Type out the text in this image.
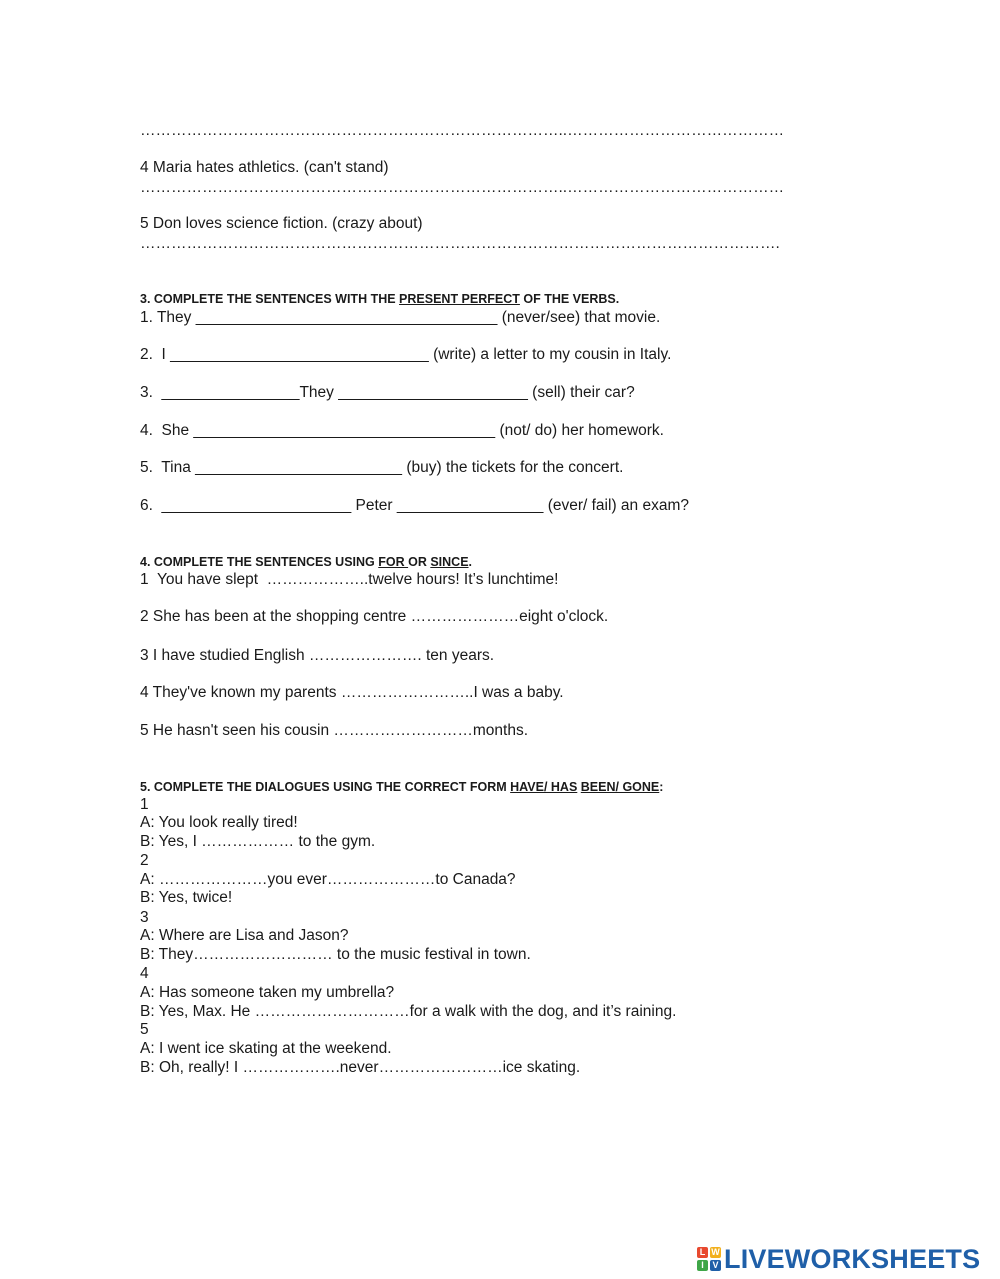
………………………………………………………………………..……………………………………
4 Maria hates athletics. (can't stand)
………………………………………………………………………..……………………………………
5 Don loves science fiction. (crazy about)
…………………………………………………………………………………………………………….
3. COMPLETE THE SENTENCES WITH THE PRESENT PERFECT OF THE VERBS.
1. They ___________________________________ (never/see) that movie.
2.  I ______________________________ (write) a letter to my cousin in Italy.
3.  ________________They ______________________ (sell) their car?
4.  She ___________________________________ (not/ do) her homework.
5.  Tina ________________________ (buy) the tickets for the concert.
6.  ______________________ Peter _________________ (ever/ fail) an exam?
4. COMPLETE THE SENTENCES USING FOR OR SINCE.
1  You have slept  ………………..twelve hours! It’s lunchtime!
2 She has been at the shopping centre …………………eight o'clock.
3 I have studied English …………………. ten years.
4 They've known my parents ……………………..I was a baby.
5 He hasn't seen his cousin ………………………months.
5. COMPLETE THE DIALOGUES USING THE CORRECT FORM HAVE/ HAS BEEN/ GONE:
1
A: You look really tired!
B: Yes, I ……………… to the gym.
2
A: …………………you ever…………………to Canada?
B: Yes, twice!
3
A: Where are Lisa and Jason?
B: They……………………… to the music festival in town.
4
A: Has someone taken my umbrella?
B: Yes, Max. He …………………………for a walk with the dog, and it’s raining.
5
A: I went ice skating at the weekend.
B: Oh, really! I ……………….never……………………ice skating.
L W
I V LIVEWORKSHEETS
